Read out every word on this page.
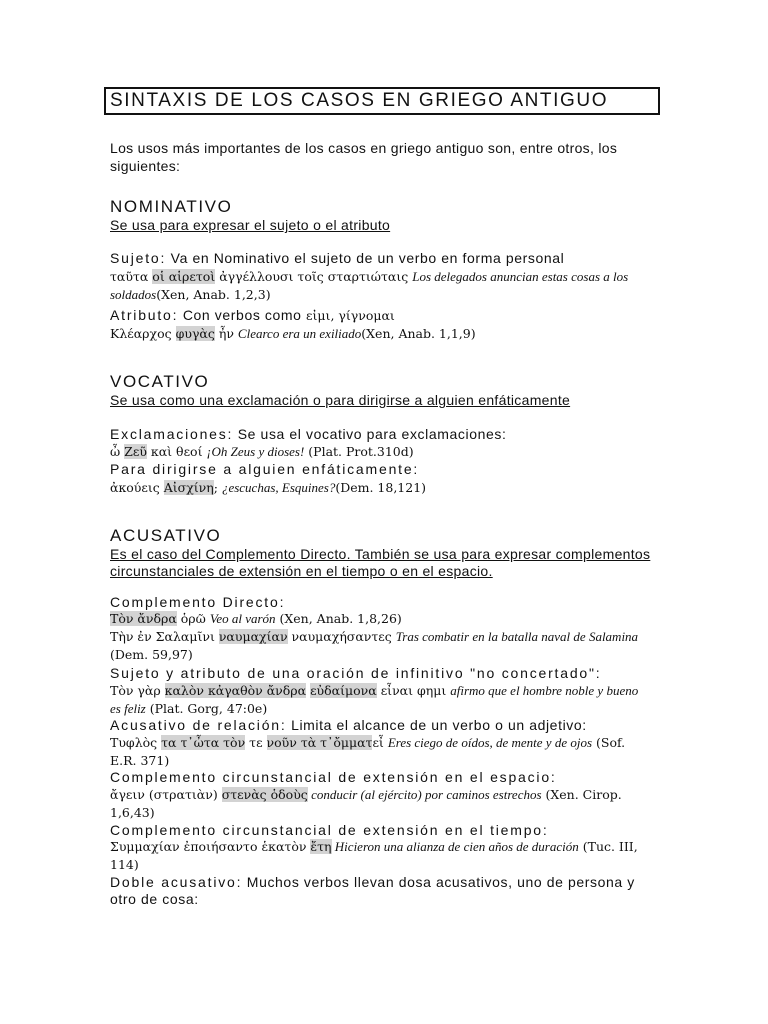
SINTAXIS DE LOS CASOS EN GRIEGO ANTIGUO
Los usos más importantes de los casos en griego antiguo son, entre otros, los siguientes:
NOMINATIVO
Se usa para expresar el sujeto o el atributo
Sujeto: Va en Nominativo el sujeto de un verbo en forma personal
ταῦτα οἱ αἱρετοὶ ἀγγέλλουσι τοῖς σταρτιώταις Los delegados anuncian estas cosas a los soldados(Xen, Anab. 1,2,3)
Atributo: Con verbos como εἰμι, γίγνομαι
Κλέαρχος φυγὰς ἦν Clearco era un exiliado(Xen, Anab. 1,1,9)
VOCATIVO
Se usa como una exclamación o para dirigirse a alguien enfáticamente
Exclamaciones: Se usa el vocativo para exclamaciones:
ὦ Ζεῦ καὶ θεοί ¡Oh Zeus y dioses! (Plat. Prot.310d)
Para dirigirse a alguien enfáticamente:
ἀκούεις Αἰσχίνη; ¿escuchas, Esquines?(Dem. 18,121)
ACUSATIVO
Es el caso del Complemento Directo. También se usa para expresar complementos circunstanciales de extensión en el tiempo o en el espacio.
Complemento Directo:
Τὸν ἄνδρα ὁρῶ Veo al varón (Xen, Anab. 1,8,26)
Τὴν ἐν Σαλαμῖνι ναυμαχίαν ναυμαχήσαντες Tras combatir en la batalla naval de Salamina (Dem. 59,97)
Sujeto y atributo de una oración de infinitivo "no concertado":
Τὸν γὰρ καλὸν κἀγαθὸν ἄνδρα εὐδαίμονα εἶναι φημι afirmo que el hombre noble y bueno es feliz (Plat. Gorg, 47:0e)
Acusativo de relación: Limita el alcance de un verbo o un adjetivo:
Τυφλὸς τα τ᾽ὦτα τὸν τε νοῦν τὰ τ᾽ὄμματεἶ Eres ciego de oídos, de mente y de ojos (Sof. E.R. 371)
Complemento circunstancial de extensión en el espacio:
ἄγειν (στρατιὰν) στενὰς ὁδοὺς conducir (al ejército) por caminos estrechos (Xen. Cirop. 1,6,43)
Complemento circunstancial de extensión en el tiempo:
Συμμαχίαν ἐποιήσαντο ἑκατὸν ἔτη Hicieron una alianza de cien años de duración (Tuc. III, 114)
Doble acusativo: Muchos verbos llevan dosa acusativos, uno de persona y otro de cosa:
